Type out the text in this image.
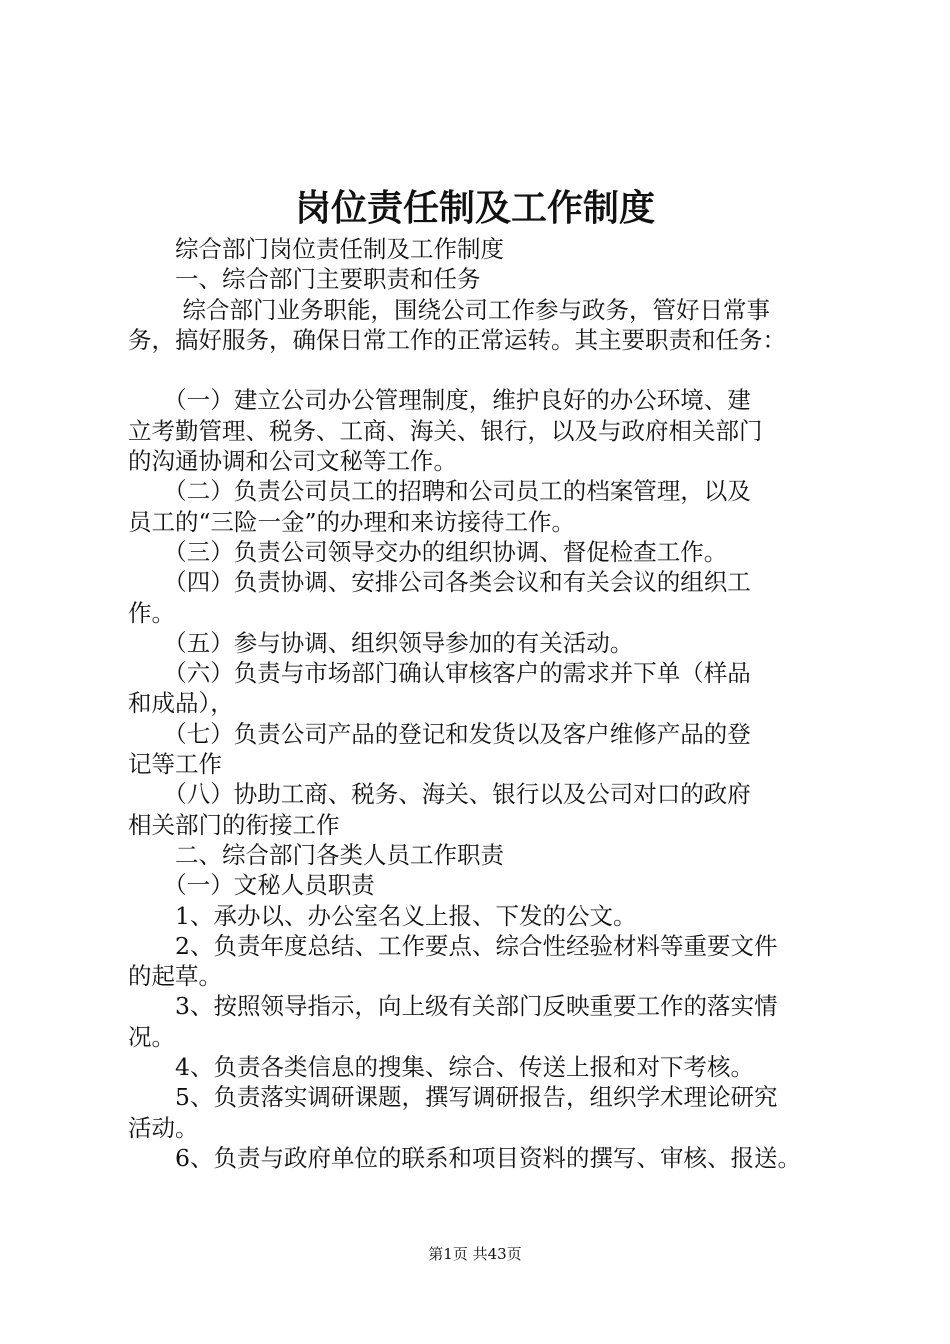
岗位责任制及工作制度
　　综合部门岗位责任制及工作制度
　　一、综合部门主要职责和任务
　　 综合部门业务职能，围绕公司工作参与政务，管好日常事
务，搞好服务，确保日常工作的正常运转。其主要职责和任务：
　　（一）建立公司办公管理制度，维护良好的办公环境、建
立考勤管理、税务、工商、海关、银行，以及与政府相关部门
的沟通协调和公司文秘等工作。
　　（二）负责公司员工的招聘和公司员工的档案管理，以及
员工的“三险一金”的办理和来访接待工作。
　　（三）负责公司领导交办的组织协调、督促检查工作。
　　（四）负责协调、安排公司各类会议和有关会议的组织工
作。
　　（五）参与协调、组织领导参加的有关活动。
　　（六）负责与市场部门确认审核客户的需求并下单（样品
和成品），
　　（七）负责公司产品的登记和发货以及客户维修产品的登
记等工作
　　（八）协助工商、税务、海关、银行以及公司对口的政府
相关部门的衔接工作
　　二、综合部门各类人员工作职责
　　（一）文秘人员职责
　　1、承办以、办公室名义上报、下发的公文。
　　2、负责年度总结、工作要点、综合性经验材料等重要文件
的起草。
　　3、按照领导指示，向上级有关部门反映重要工作的落实情
况。
　　4、负责各类信息的搜集、综合、传送上报和对下考核。
　　5、负责落实调研课题，撰写调研报告，组织学术理论研究
活动。
　　6、负责与政府单位的联系和项目资料的撰写、审核、报送。
第1页 共43页
